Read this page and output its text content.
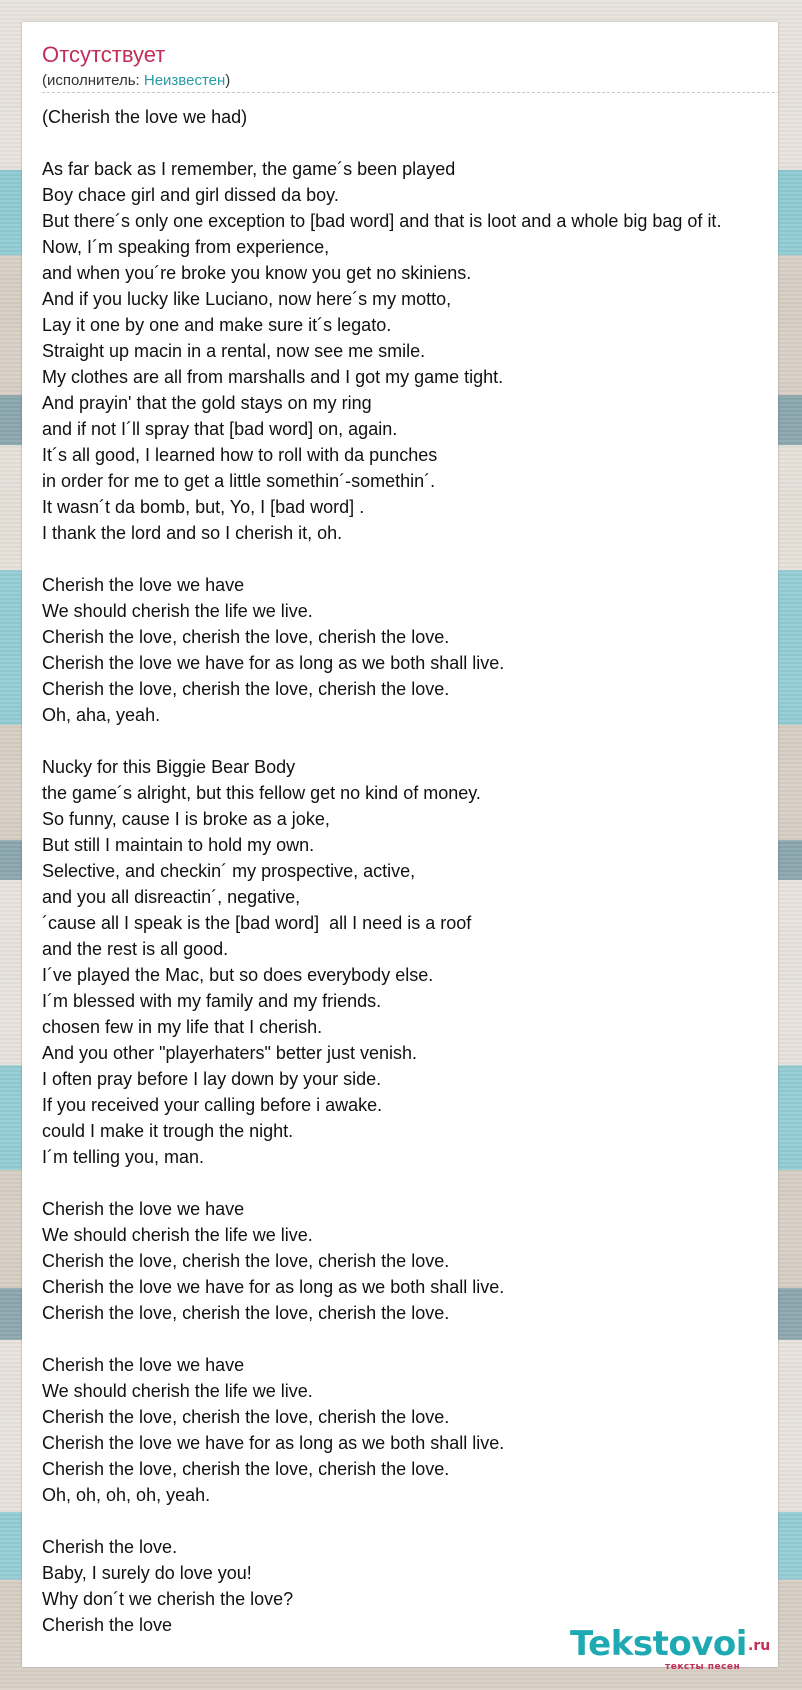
Отсутствует
(исполнитель: Неизвестен)
(Cherish the love we had)

As far back as I remember, the game´s been played
Boy chace girl and girl dissed da boy.
But there´s only one exception to [bad word] and that is loot and a whole big bag of it.
Now, I´m speaking from experience,
and when you´re broke you know you get no skiniens.
And if you lucky like Luciano, now here´s my motto,
Lay it one by one and make sure it´s legato.
Straight up macin in a rental, now see me smile.
My clothes are all from marshalls and I got my game tight.
And prayin' that the gold stays on my ring
and if not I´ll spray that [bad word] on, again.
It´s all good, I learned how to roll with da punches
in order for me to get a little somethin´-somethin´.
It wasn´t da bomb, but, Yo, I [bad word] .
I thank the lord and so I cherish it, oh.

Cherish the love we have
We should cherish the life we live.
Cherish the love, cherish the love, cherish the love.
Cherish the love we have for as long as we both shall live.
Cherish the love, cherish the love, cherish the love.
Oh, aha, yeah.

Nucky for this Biggie Bear Body
the game´s alright, but this fellow get no kind of money.
So funny, cause I is broke as a joke,
But still I maintain to hold my own.
Selective, and checkin´ my prospective, active,
and you all disreactin´, negative,
´cause all I speak is the [bad word]  all I need is a roof
and the rest is all good.
I´ve played the Mac, but so does everybody else.
I´m blessed with my family and my friends.
chosen few in my life that I cherish.
And you other "playerhaters" better just venish.
I often pray before I lay down by your side.
If you received your calling before i awake.
could I make it trough the night.
I´m telling you, man.

Cherish the love we have
We should cherish the life we live.
Cherish the love, cherish the love, cherish the love.
Cherish the love we have for as long as we both shall live.
Cherish the love, cherish the love, cherish the love.

Cherish the love we have
We should cherish the life we live.
Cherish the love, cherish the love, cherish the love.
Cherish the love we have for as long as we both shall live.
Cherish the love, cherish the love, cherish the love.
Oh, oh, oh, oh, yeah.

Cherish the love.
Baby, I surely do love you!
Why don´t we cherish the love?
Cherish the love	Tekstovoi .ru
тексты песен
